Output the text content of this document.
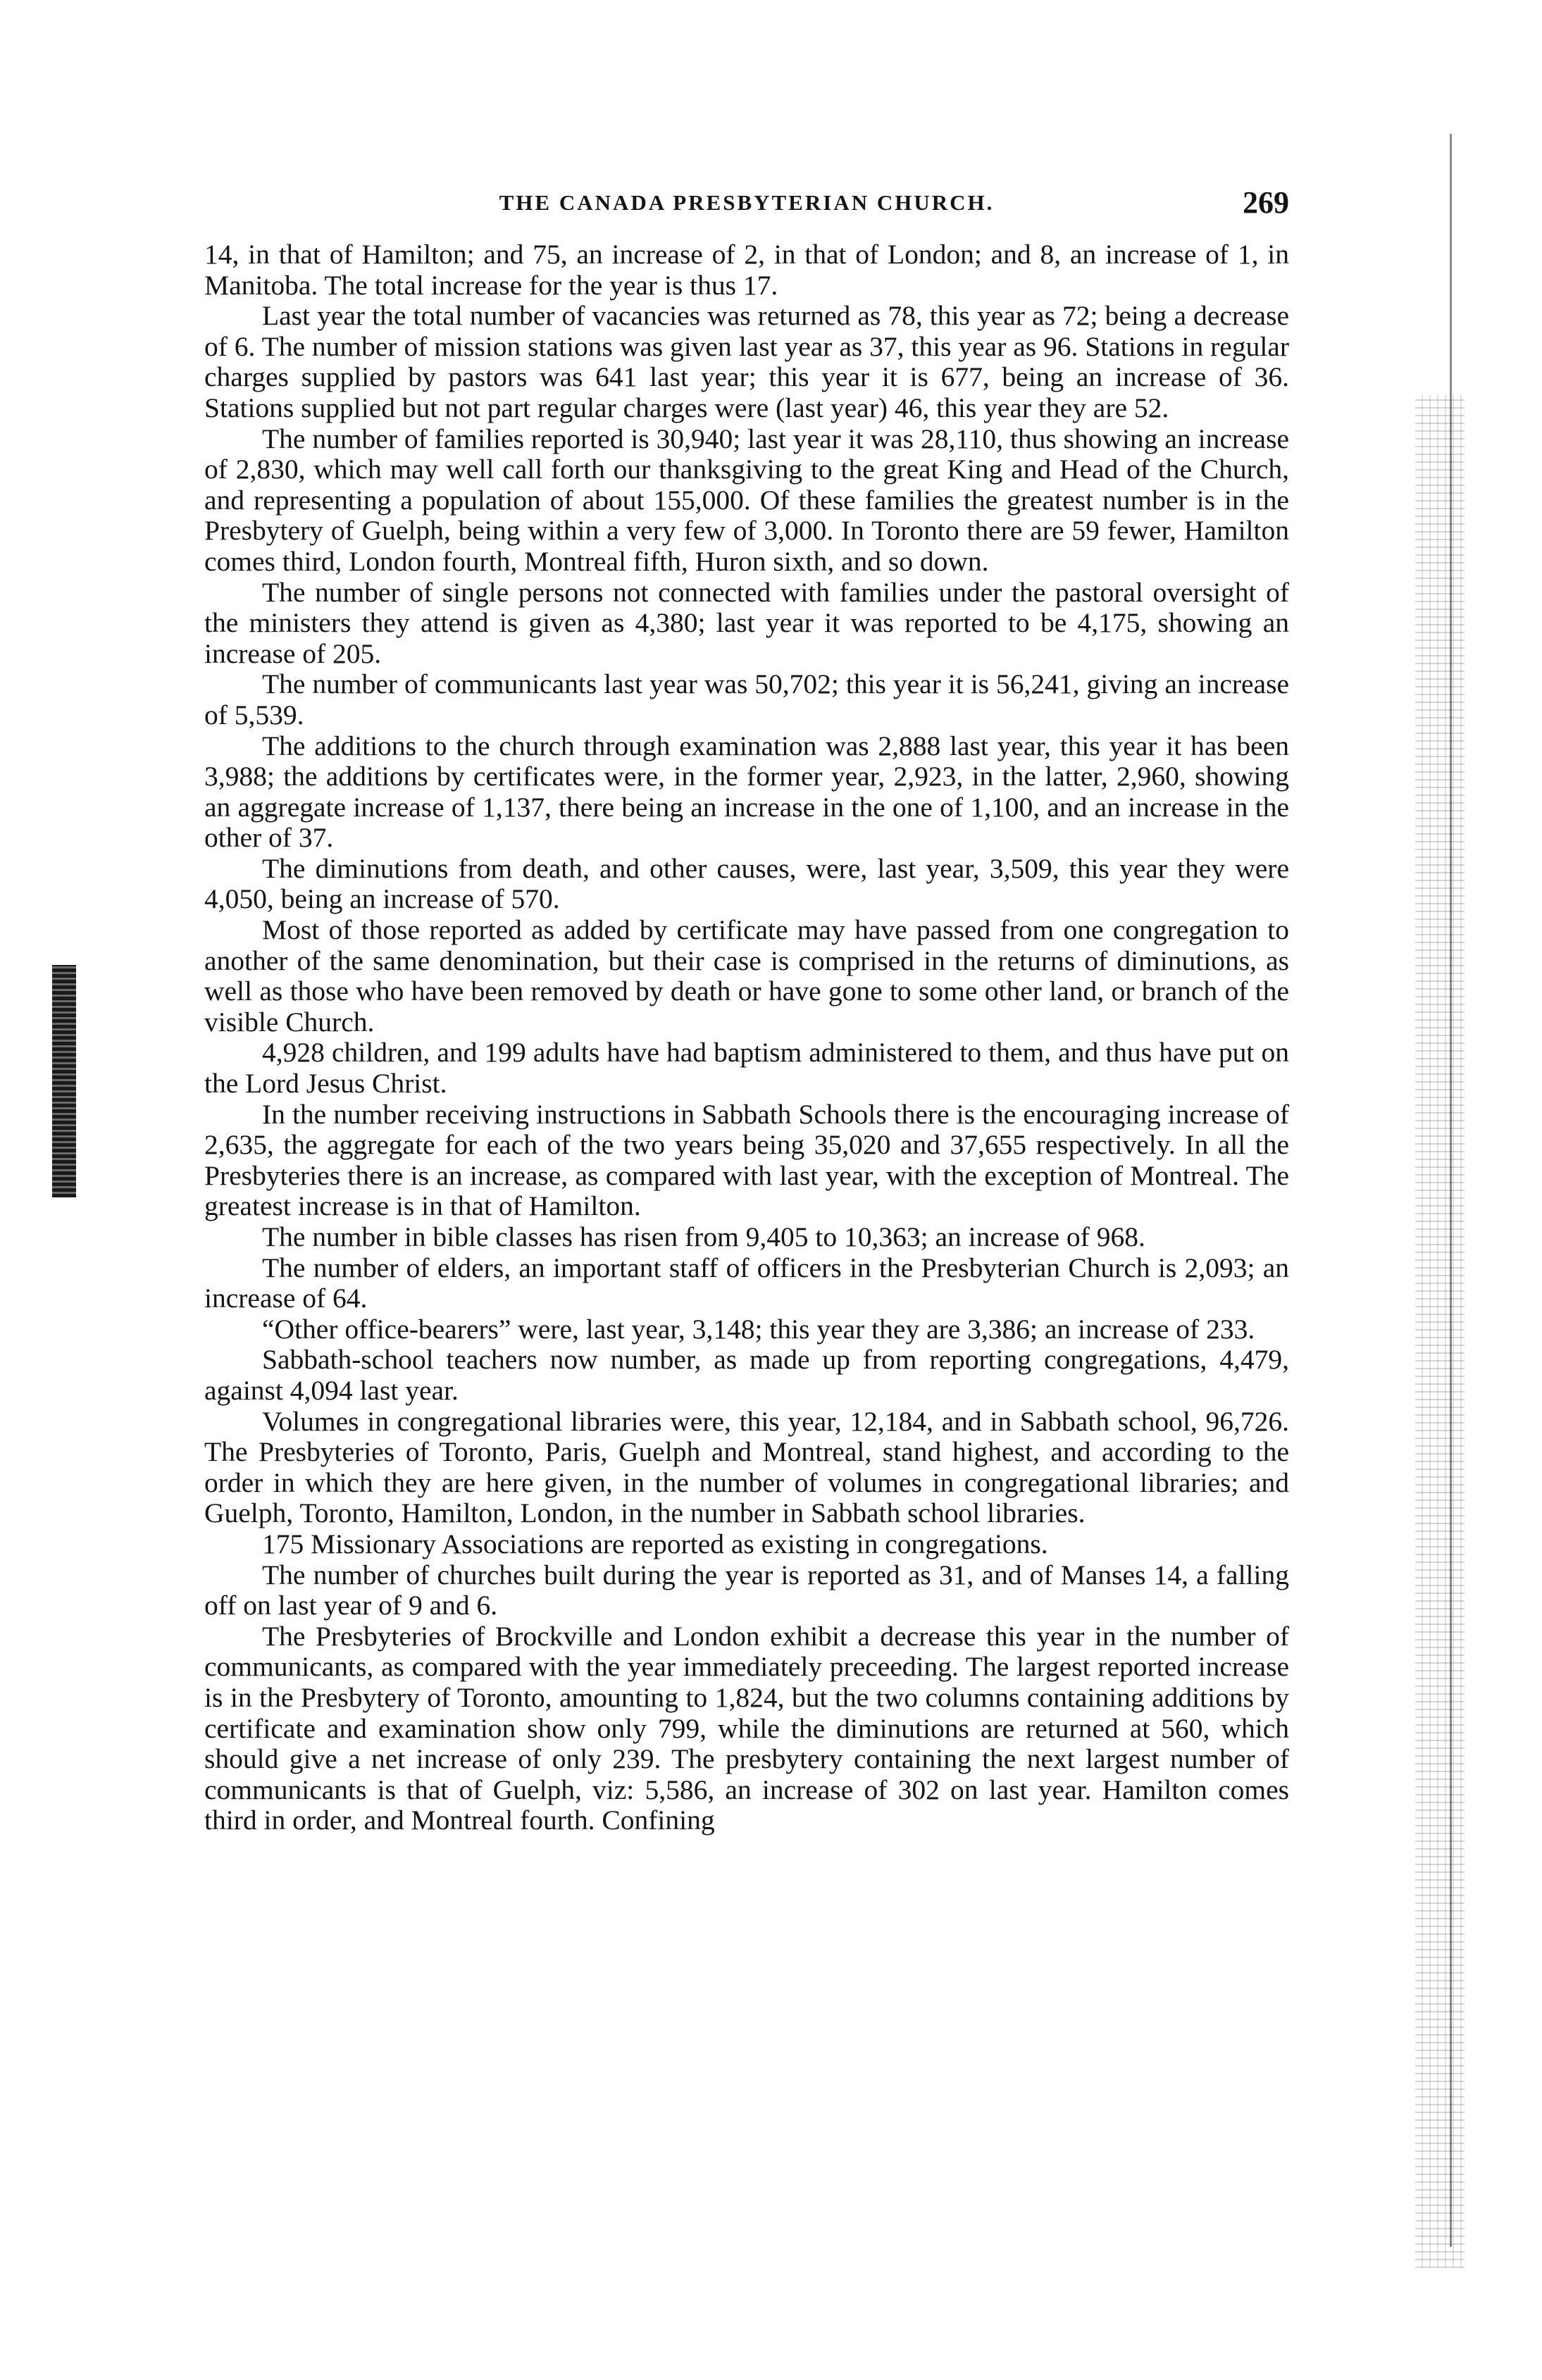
THE CANADA PRESBYTERIAN CHURCH.	269

14, in that of Hamilton; and 75, an increase of 2, in that of London; and 8, an increase of 1, in Manitoba. The total increase for the year is thus 17.

Last year the total number of vacancies was returned as 78, this year as 72; being a decrease of 6. The number of mission stations was given last year as 37, this year as 96. Stations in regular charges supplied by pastors was 641 last year; this year it is 677, being an increase of 36. Stations supplied but not part regular charges were (last year) 46, this year they are 52.

The number of families reported is 30,940; last year it was 28,110, thus showing an increase of 2,830, which may well call forth our thanksgiving to the great King and Head of the Church, and representing a population of about 155,000. Of these families the greatest number is in the Presbytery of Guelph, being within a very few of 3,000. In Toronto there are 59 fewer, Hamilton comes third, London fourth, Montreal fifth, Huron sixth, and so down.

The number of single persons not connected with families under the pastoral oversight of the ministers they attend is given as 4,380; last year it was reported to be 4,175, showing an increase of 205.

The number of communicants last year was 50,702; this year it is 56,241, giving an increase of 5,539.

The additions to the church through examination was 2,888 last year, this year it has been 3,988; the additions by certificates were, in the former year, 2,923, in the latter, 2,960, showing an aggregate increase of 1,137, there being an increase in the one of 1,100, and an increase in the other of 37.

The diminutions from death, and other causes, were, last year, 3,509, this year they were 4,050, being an increase of 570.

Most of those reported as added by certificate may have passed from one congregation to another of the same denomination, but their case is comprised in the returns of diminutions, as well as those who have been removed by death or have gone to some other land, or branch of the visible Church.

4,928 children, and 199 adults have had baptism administered to them, and thus have put on the Lord Jesus Christ.

In the number receiving instructions in Sabbath Schools there is the encouraging increase of 2,635, the aggregate for each of the two years being 35,020 and 37,655 respectively. In all the Presbyteries there is an increase, as compared with last year, with the exception of Montreal. The greatest increase is in that of Hamilton.

The number in bible classes has risen from 9,405 to 10,363; an increase of 968.

The number of elders, an important staff of officers in the Presbyterian Church is 2,093; an increase of 64.

“Other office-bearers” were, last year, 3,148; this year they are 3,386; an increase of 233.

Sabbath-school teachers now number, as made up from reporting congregations, 4,479, against 4,094 last year.

Volumes in congregational libraries were, this year, 12,184, and in Sabbath school, 96,726. The Presbyteries of Toronto, Paris, Guelph and Montreal, stand highest, and according to the order in which they are here given, in the number of volumes in congregational libraries; and Guelph, Toronto, Hamilton, London, in the number in Sabbath school libraries.

175 Missionary Associations are reported as existing in congregations.

The number of churches built during the year is reported as 31, and of Manses 14, a falling off on last year of 9 and 6.

The Presbyteries of Brockville and London exhibit a decrease this year in the number of communicants, as compared with the year immediately preceeding. The largest reported increase is in the Presbytery of Toronto, amounting to 1,824, but the two columns containing additions by certificate and examination show only 799, while the diminutions are returned at 560, which should give a net increase of only 239. The presbytery containing the next largest number of communicants is that of Guelph, viz: 5,586, an increase of 302 on last year. Hamilton comes third in order, and Montreal fourth. Confining
